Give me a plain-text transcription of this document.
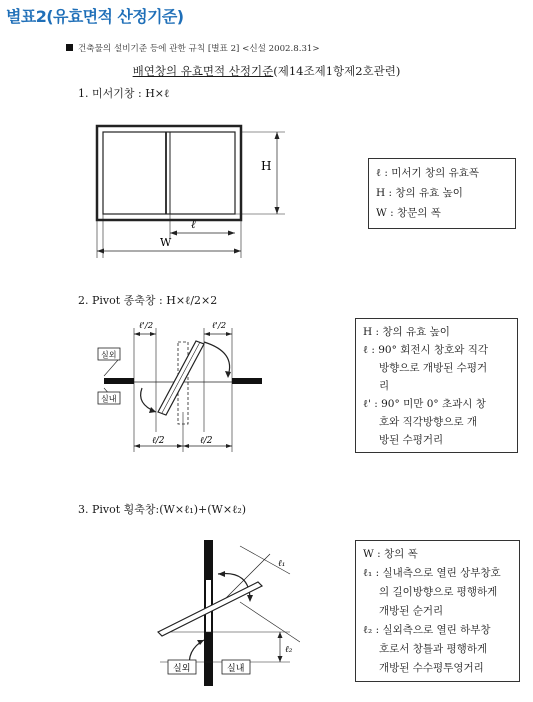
별표2(유효면적 산정기준)
건축물의 설비기준 등에 관한 규칙 [별표 2] <신설 2002.8.31>
배연창의 유효면적 산정기준(제14조제1항제2호관련)
1. 미서기창 : H×ℓ
H
ℓ
W
ℓ : 미서기 창의 유효폭
H : 창의 유효 높이
W : 창문의 폭
2. Pivot 종축창 : H×ℓ/2×2
ℓ'/2	ℓ'/2
실외
실내
ℓ/2	ℓ/2
H : 창의 유효 높이
ℓ : 90° 회전시 창호와 직각
방향으로 개방된 수평거
리
ℓ' : 90° 미만 0° 초과시 창
호와 직각방향으로 개
방된 수평거리
3. Pivot 횡축창:(W×ℓ₁)+(W×ℓ₂)
ℓ₁
ℓ₂
실외	실내
W : 창의 폭
ℓ₁ : 실내측으로 열린 상부창호
의 길이방향으로 평행하게
개방된 순거리
ℓ₂ : 실외측으로 열린 하부창
호로서 창틀과 평행하게
개방된 수수평투영거리
